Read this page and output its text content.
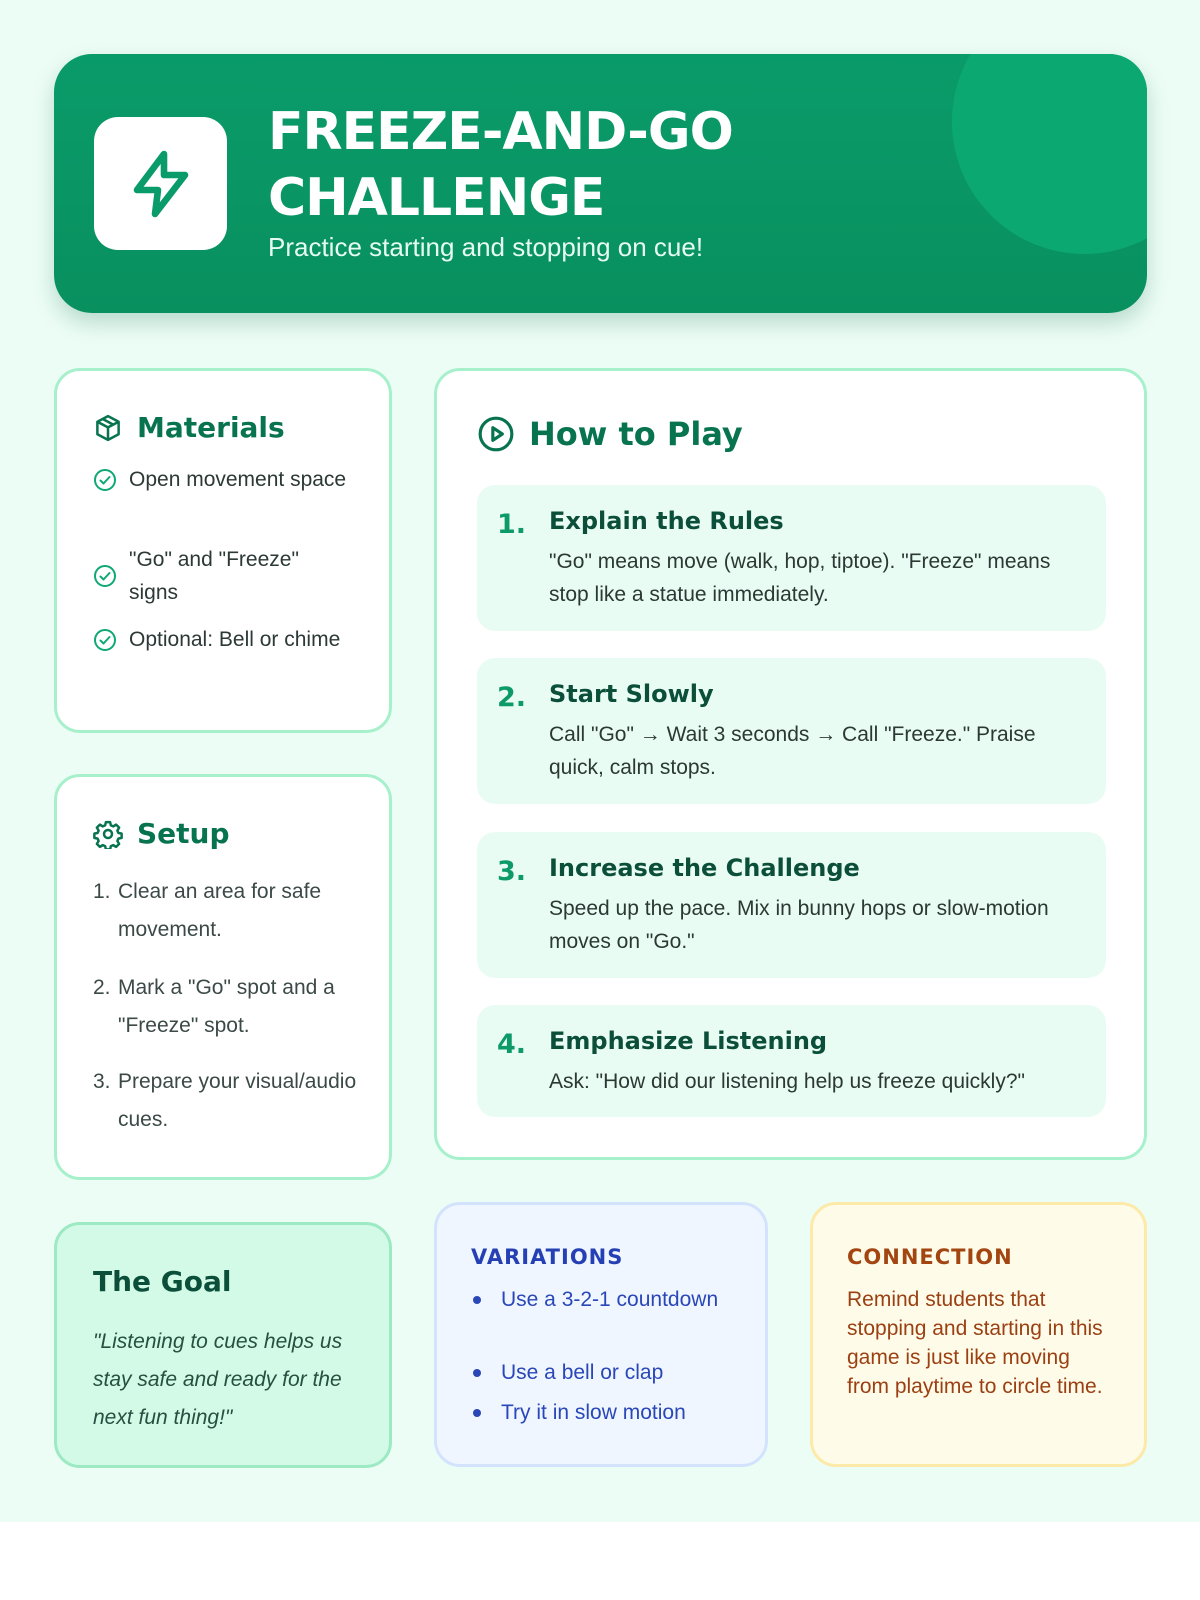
FREEZE-AND-GO
CHALLENGE
Practice starting and stopping on cue!
Materials
Open movement space
"Go" and "Freeze" signs
Optional: Bell or chime
Setup
1. Clear an area for safe movement.
2. Mark a "Go" spot and a "Freeze" spot.
3. Prepare your visual/audio cues.
How to Play
1. Explain the Rules
"Go" means move (walk, hop, tiptoe). "Freeze" means stop like a statue immediately.
2. Start Slowly
Call "Go" → Wait 3 seconds → Call "Freeze." Praise quick, calm stops.
3. Increase the Challenge
Speed up the pace. Mix in bunny hops or slow-motion moves on "Go."
4. Emphasize Listening
Ask: "How did our listening help us freeze quickly?"
The Goal
"Listening to cues helps us stay safe and ready for the next fun thing!"
VARIATIONS
Use a 3-2-1 countdown
Use a bell or clap
Try it in slow motion
CONNECTION
Remind students that stopping and starting in this game is just like moving from playtime to circle time.
